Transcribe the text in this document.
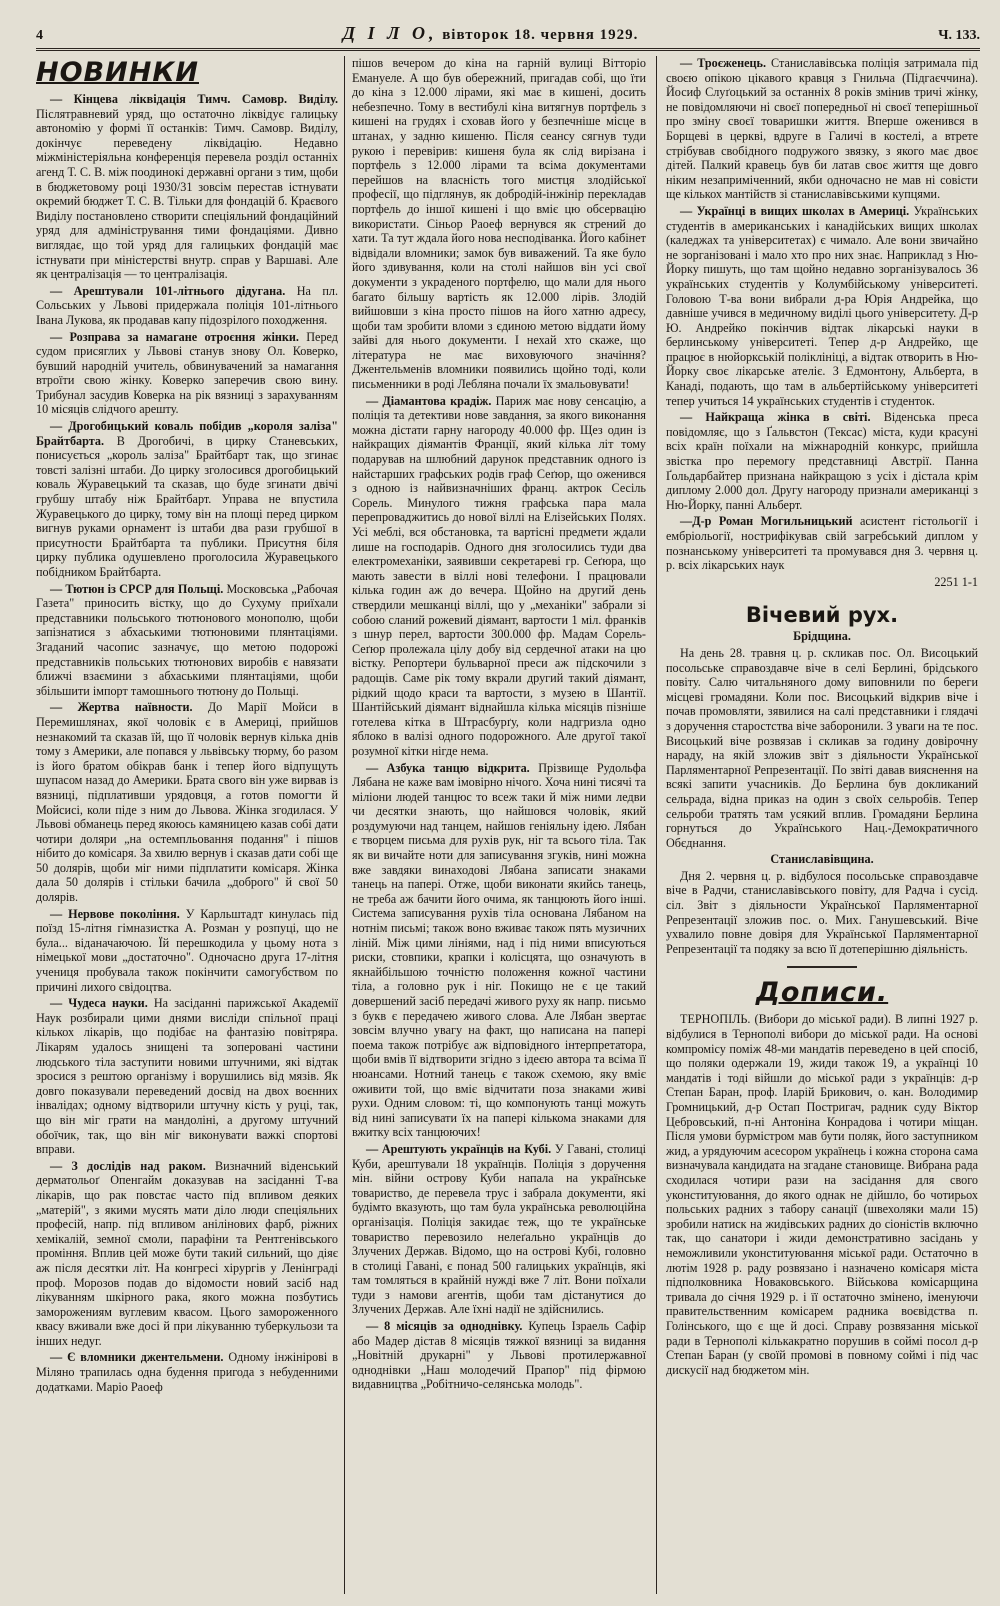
4	Д І Л О, вівторок 18. червня 1929.	Ч. 133.
НОВИНКИ

— Кінцева ліквідація Тимч. Самовр. Виділу. Післятравневий уряд, що остаточно ліквідує галицьку автономію у формі її останків: Тимч. Самовр. Виділу, докінчує переведену ліквідацію. Недавно міжміністеріяльна конференція перевела розділ останніх агенд Т. С. В. між поодинокі державні органи з тим, щоби в бюджетовому році 1930/31 зовсім перестав істнувати окремий бюджет Т. С. В. Тільки для фондацій б. Краєвого Виділу постановлено створити спеціяльний фондаційний уряд для адміністрування тими фондаціями. Дивно виглядає, що той уряд для галицьких фондацій має істнувати при міністерстві внутр. справ у Варшаві. Але як централізація — то централізація.

— Арештували 101-літнього дідугана. На пл. Сольських у Львові придержала поліція 101-літнього Івана Лукова, як продавав капу підозрілого походження.

— Розправа за намагане отроєння жінки. Перед судом присяглих у Львові станув знову Ол. Коверко, бувший народній учитель, обвинувачений за намагання втроїти свою жінку. Коверко заперечив свою вину. Трибунал засудив Коверка на рік вязниці з зарахуванням 10 місяців слідчого арешту.

— Дрогобицький коваль побідив „короля заліза" Брайтбарта. В Дрогобичі, в цирку Станевських, понисується „король заліза" Брайтбарт так, що згинає товсті залізні штаби. До цирку зголосився дрогобицький коваль Журавецький та сказав, що буде згинати двічі грубшу штабу ніж Брайтбарт. Управа не впустила Журавецького до цирку, тому він на площі перед цирком вигнув руками орнамент із штаби два рази грубшої в присутности Брайтбарта та публики. Присутня біля цирку публика одушевлено проголосила Журавецького побідником Брайтбарта.

— Тютюн із СРСР для Польщі. Московська „Рабочая Газета" приносить вістку, що до Сухуму приїхали представники польського тютюнового монополю, щоби запізнатися з абхаськими тютюновими плянтаціями. Згаданий часопис зазначує, що метою подорожі представників польських тютюнових виробів є навязати ближчі взаємини з абхаськими плянтаціями, щоби збільшити імпорт тамошнього тютюну до Польщі.

— Жертва наївности. До Марії Мойси в Перемишлянах, якої чоловік є в Америці, прийшов незнакомий та сказав їй, що її чоловік вернув кілька днів тому з Америки, але попався у львівську тюрму, бо разом із його братом обікрав банк і тепер його відпущуть шупасом назад до Америки. Брата свого він уже вирвав із вязниці, підплативши урядовця, а готов помогти й Мойсисі, коли піде з ним до Львова. Жінка згодилася. У Львові обманець перед якоюсь камяницею казав собі дати чотири доляри „на остемпльовання подання" і пішов нібито до комісаря. За хвилю вернув і сказав дати собі ще 50 долярів, щоби міг ними підплатити комісаря. Жінка дала 50 долярів і стільки бачила „доброго" й свої 50 долярів.

— Нервове покоління. У Карльштадт кинулась під поїзд 15-літня гімназистка А. Розман у розпуці, що не була... віданачаючою. Їй перешкодила у цьому нота з німецької мови „достаточно". Одночасно друга 17-літня учениця пробувала також покінчити самогубством по причині лихого свідоцтва.

— Чудеса науки. На засіданні парижської Академії Наук розбирали цими днями висліди спільної праці кількох лікарів, що подібає на фантазію повітряра. Лікарям удалось знищені та зоперовані частини людського тіла заступити новими штучними, які відтак зросися з рештою організму і ворушились від мязів. Як довго показували переведений досвід на двох воєнних інвалідах; одному відтворили штучну кість у руці, так, що він міг грати на мандоліні, а другому штучний обоїчик, так, що він міг виконувати важкі спортові вправи.

— З дослідів над раком. Визначний віденський дерматольоґ Опенгайм доказував на засіданні Т-ва лікарів, що рак повстає часто під впливом деяких „матерій", з якими мусять мати діло люди спеціяльних професій, напр. під впливом анілінових фарб, ріжних хемікалій, земної смоли, парафіни та Рентгенівського проміння. Вплив цей може бути такий сильний, що діяє аж після десятки літ. На конгресі хірургів у Ленінграді проф. Морозов подав до відомости новий засіб над лікуванням шкірного рака, якого можна позбутись заморожениям вуглевим квасом. Цього замороженного квасу вживали вже досі й при лікуванню туберкульози та інших недуг.

— Є вломники джентельмени. Одному інжінірові в Міляно трапилась одна будення пригода з небуденними додатками. Маріо Раоеф

пішов вечером до кіна на гарній вулиці Вітторіо Емануеле. А що був обережний, пригадав собі, що їти до кіна з 12.000 лірами, які має в кишені, досить небезпечно. Тому в вестибулі кіна витягнув портфель з кишені на грудях і сховав його у безпечніше місце в штанах, у задню кишеню. Після сеансу сягнув туди рукою і перевірив: кишеня була як слід вирізана і портфель з 12.000 лірами та всіма документами перейшов на власність того мистця злодійської професії, що підглянув, як добродій-інжінір перекладав портфель до іншої кишені і що вміє цю обсервацію використати. Сіньор Раоеф вернувся як стрений до хати. Та тут ждала його нова несподіванка. Його кабінет відвідали вломники; замок був виважений. Та яке було його здивування, коли на столі найшов він усі свої документи з украденого портфелю, що мали для нього багато більшу вартість як 12.000 лірів. Злодій вийшовши з кіна просто пішов на його хатню адресу, щоби там зробити вломи з єдиною метою віддати йому зайві для нього документи. І нехай хто скаже, що література не має виховуючого значіння? Джентельменів вломники появились щойно тоді, коли письменники в роді Лебляна почали їх змальовувати!

— Діамантова крадіж. Париж має нову сенсацію, а поліція та детективи нове завдання, за якого виконання можна дістати гарну нагороду 40.000 фр. Щез один із найкращих діямантів Франції, який кілька літ тому подарував на шлюбний дарунок представник одного із найстарших графських родів граф Сеґюр, що оженився з одною із найвизначніших франц. актрок Сесіль Сорель. Минулого тижня графська пара мала перепроваджитись до нової віллі на Елізейських Полях. Усі меблі, вся обстановка, та вартісні предмети ждали лише на господарів. Одного дня зголосились туди два електромеханіки, заявивши секретареві гр. Сеґюра, що мають завести в віллі нові телефони. І працювали кілька годин аж до вечера. Щойно на другий день ствердили мешканці віллі, що у „механіки" забрали зі собою сланий рожевий діямант, вартости 1 міл. франків з шнур перел, вартости 300.000 фр. Мадам Сорель-Сеґюр пролежала цілу добу від сердечної атаки на цю вістку. Репортери бульварної преси аж підскочили з радощів. Саме рік тому вкрали другий такий діямант, рідкий щодо краси та вартости, з музею в Шантії. Шантійський діямант віднайшла кілька місяців пізніше готелева кітка в Штрасбурґу, коли надгризла одно яблоко в валізі одного подорожного. Але другої такої розумної кітки нігде нема.

— Азбука танцю відкрита. Прізвище Рудольфа Лябана не каже вам імовірно нічого. Хоча нині тисячі та міліони людей танцюс то всеж таки й між ними ледви чи десятки знають, що найшовся чоловік, який роздумуючи над танцем, найшов геніяльну ідею. Лябан є творцем письма для рухів рук, ніг та всього тіла. Так як ви вичайте ноти для записування згуків, нині можна вже завдяки винаходові Лябана записати знаками танець на папері. Отже, щоби виконати якийсь танець, не треба аж бачити його очима, як танцюють його інші. Система записування рухів тіла основана Лябаном на нотнім письмі; також воно вживає також пять музичних ліній. Між цими лініями, над і під ними вписуються риски, стовпики, крапки і колісцята, що означують в якнайбільшою точністю положення кожної частини тіла, а головно рук і ніг. Покищо не є це такий довершений засіб передачі живого руху як напр. письмо з букв є передачею живого слова. Але Лябан звертає зовсім влучно увагу на факт, що написана на папері поема також потрібує аж відповідного інтерпретатора, щоби вмів її відтворити згідно з ідеєю автора та всіма її нюансами. Нотний танець є також схемою, яку вміє оживити той, що вміє відчитати поза знаками живі рухи. Одним словом: ті, що компонують танці можуть від нині записувати їх на папері кількома знаками для вжитку всіх танцюючих!

— Арештують українців на Кубі. У Гавані, столиці Куби, арештували 18 українців. Поліція з доручення мін. війни острову Куби напала на українське товариство, де перевела трус і забрала документи, які будімто вказують, що там була українська революційна організація. Поліція закидає теж, що те українське товариство перевозило нелеґально українців до Злучених Держав. Відомо, що на острові Кубі, головно в столиці Гавані, є понад 500 галицьких українців, які там томляться в крайній нужді вже 7 літ. Вони поїхали туди з намови агентів, щоби там дістанутися до Злучених Держав. Але їхні надії не здійснились.

— 8 місяців за одноднівку. Купець Ізраель Сафір або Мадер дістав 8 місяців тяжкої вязниці за видання „Новітній друкарні" у Львові протилержавної одноднівки „Наш молодечий Прапор" під фірмою видавництва „Робітничо-селянська молодь".

— Троєженець. Станиславівська поліція затримала під своєю опікою цікавого кравця з Гнильча (Підгаєччина). Йосиф Слуґоцький за останніх 8 років змінив тричі жінку, не повідомляючи ні своєї попередньої ні своєї теперішньої про зміну своєї товаришки життя. Вперше оженився в Борщеві в церкві, вдруге в Галичі в костелі, а втрете стрібував свобідного подружого звязку, з якого має двоє дітей. Палкий кравець був би латав своє життя ще довго ніким незаприміченний, якби одночасно не мав ні совісти ще кількох мантійств зі станиславівськими купцями.

— Українці в вищих школах в Америці. Українських студентів в американських і канадійських вищих школах (каледжах та університетах) є чимало. Але вони звичайно не зорганізовані і мало хто про них знає. Наприклад з Ню-Йорку пишуть, що там щойно недавно зорганізувалось 36 українських студентів у Колумбійському університеті. Головою Т-ва вони вибрали д-ра Юрія Андрейка, що давніше учився в медичному виділі цього університету. Д-р Ю. Андрейко покінчив відтак лікарські науки в берлинському університеті. Тепер д-р Андрейко, ще працює в нюйоркській поліклініці, а відтак отворить в Ню-Йорку своє лікарське ателіє. З Едмонтону, Альберта, в Канаді, подають, що там в альбертійському університеті тепер учиться 14 українських студентів і студенток.

— Найкраща жінка в світі. Віденська преса повідомляє, що з Ґальвстон (Тексас) міста, куди красуні всіх країн поїхали на міжнародній конкурс, прийшла звістка про перемогу представниці Австрії. Панна Ґольдарбайтер признана найкращою з усіх і дістала крім диплому 2.000 дол. Другу нагороду признали американці з Ню-Йорку, панні Альберт.

—Д-р Роман Могильницький асистент гістольогії і ембріольогії, нострифікував свій загребський диплом у познанському університеті та промувався дня 3. червня ц. р. всіх лікарських наук

2251 1-1
Вічевий рух.
Брідщина.

На день 28. травня ц. р. скликав пос. Ол. Висоцький посольське справоздавче віче в селі Берлині, брідського повіту. Салю читальняного дому виповнили по береги місцеві громадяни. Коли пос. Висоцький відкрив віче і почав промовляти, зявилися на салі представники і глядачі з доручення старостства віче заборонили. З уваги на те пос. Висоцький віче розвязав і скликав за годину довірочну нараду, на якій зложив звіт з діяльности Української Парляментарної Репрезентації. По звіті давав вияснення на всякі запити учасників. До Берлина був докликаний сельрада, відна приказ на один з своїх сельробів. Тепер сельроби тратять там усякий вплив. Громадяни Берлина горнуться до Українського Нац.-Демократичного Обєднання.

Станиславівщина.

Дня 2. червня ц. р. відбулося посольське справоздавче віче в Радчи, станиславівського повіту, для Радча і сусід. сіл. Звіт з діяльности Української Парляментарної Репрезентації зложив пос. о. Мих. Ганушевський. Віче ухвалило повне довіря для Української Парляментарної Репрезентації та подяку за всю її дотеперішню діяльність.

Дописи.

ТЕРНОПІЛЬ. (Вибори до міської ради). В липні 1927 р. відбулися в Тернополі вибори до міської ради. На основі компромісу поміж 48-ми мандатів переведено в цей спосіб, що поляки одержали 19, жиди також 19, а українці 10 мандатів і тоді війшли до міської ради з українців: д-р Степан Баран, проф. Іларій Брикович, о. кан. Володимир Громницький, д-р Остап Постригач, радник суду Віктор Цебровський, п-ні Антоніна Конрадова і чотири міщан. Після умови бурмістром мав бути поляк, його заступником жид, а урядуючим асесором українець і кожна сторона сама визначувала кандидата на згадане становище. Вибрана рада сходилася чотири рази на засідання для свого уконституювання, до якого однак не дійшло, бо чотирьох польських радних з табору санації (швехоляки мали 15) зробили натиск на жидівських радних до сіоністів включно так, що санатори і жиди демонстративно засідань у неможливили уконституювання міської ради. Остаточно в лютім 1928 р. раду розвязано і назначено комісаря міста підполковника Новаковського. Військова комісарщина тривала до січня 1929 р. і її остаточно змінено, іменуючи правительственним комісарем радника воєвідства п. Голінського, що є ще й досі. Справу розвязання міської ради в Тернополі кількакратно порушив в соймі посол д-р Степан Баран (у своїй промові в повному соймі і під час дискусії над бюджетом мін.
